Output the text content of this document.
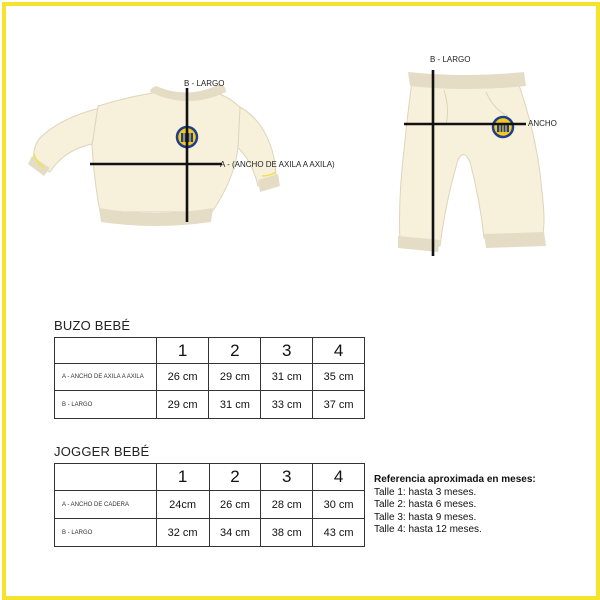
B - LARGO
A - (ANCHO DE AXILA A AXILA)
B - LARGO
ANCHO
BUZO BEBÉ
	1	2	3	4
A - ANCHO DE AXILA A AXILA	26 cm	29 cm	31 cm	35 cm
B - LARGO	29 cm	31 cm	33 cm	37 cm
JOGGER BEBÉ
	1	2	3	4
A - ANCHO DE CADERA	24cm	26 cm	28 cm	30 cm
B - LARGO	32 cm	34 cm	38 cm	43 cm
Referencia aproximada en meses:
Talle 1: hasta 3 meses.
Talle 2: hasta 6 meses.
Talle 3: hasta 9 meses.
Talle 4: hasta 12 meses.
